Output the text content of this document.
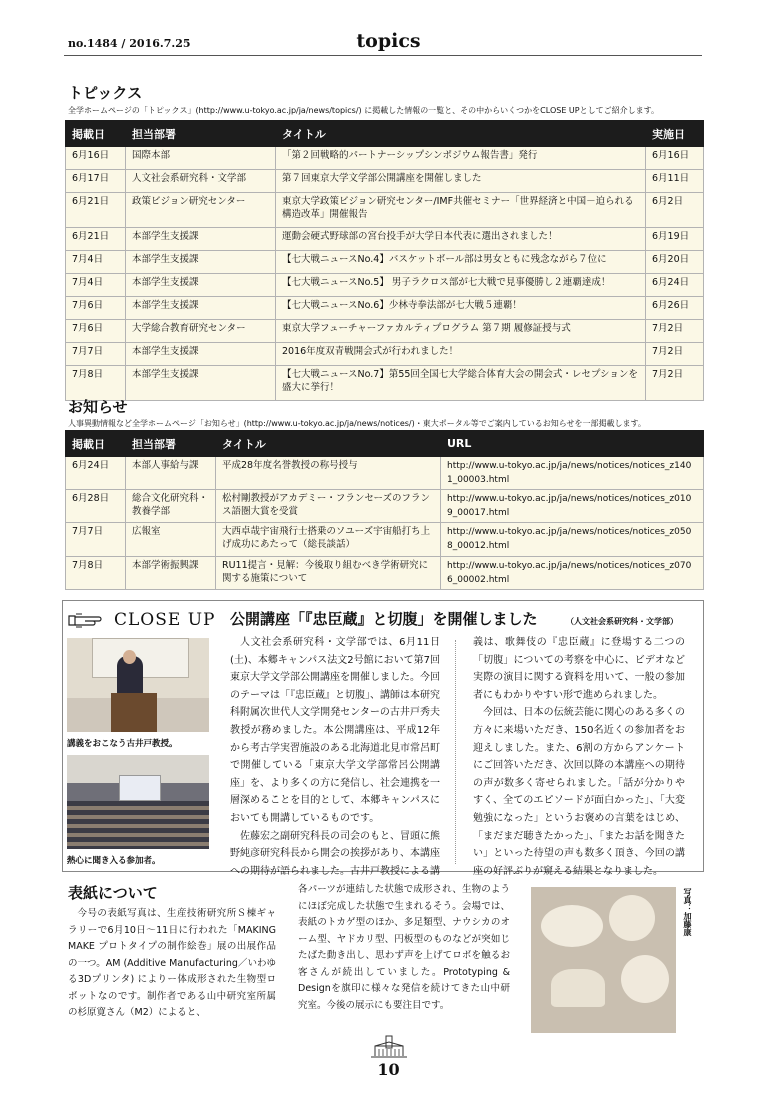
no.1484 / 2016.7.25	topics
トピックス
全学ホームページの「トピックス」(http://www.u-tokyo.ac.jp/ja/news/topics/) に掲載した情報の一覧と、その中からいくつかをCLOSE UPとしてご紹介します。
掲載日	担当部署	タイトル	実施日
6月16日	国際本部	「第２回戦略的パートナーシップシンポジウム報告書」発行	6月16日
6月17日	人文社会系研究科・文学部	第７回東京大学文学部公開講座を開催しました	6月11日
6月21日	政策ビジョン研究センター	東京大学政策ビジョン研究センター/IMF共催セミナー「世界経済と中国－迫られる構造改革」開催報告	6月2日
6月21日	本部学生支援課	運動会硬式野球部の宮台投手が大学日本代表に選出されました！	6月19日
7月4日	本部学生支援課	【七大戦ニュースNo.4】バスケットボール部は男女ともに残念ながら７位に	6月20日
7月4日	本部学生支援課	【七大戦ニュースNo.5】 男子ラクロス部が七大戦で見事優勝し２連覇達成！	6月24日
7月6日	本部学生支援課	【七大戦ニュースNo.6】少林寺拳法部が七大戦５連覇！	6月26日
7月6日	大学総合教育研究センター	東京大学フューチャーファカルティプログラム 第７期 履修証授与式	7月2日
7月7日	本部学生支援課	2016年度双青戦開会式が行われました！	7月2日
7月8日	本部学生支援課	【七大戦ニュースNo.7】第55回全国七大学総合体育大会の開会式・レセプションを盛大に挙行！	7月2日
お知らせ
人事異動情報など全学ホームページ「お知らせ」(http://www.u-tokyo.ac.jp/ja/news/notices/)・東大ポータル等でご案内しているお知らせを一部掲載します。
掲載日	担当部署	タイトル	URL
6月24日	本部人事給与課	平成28年度名誉教授の称号授与	http://www.u-tokyo.ac.jp/ja/news/notices/notices_z1401_00003.html
6月28日	総合文化研究科・教養学部	松村剛教授がアカデミー・フランセーズのフランス語圏大賞を受賞	http://www.u-tokyo.ac.jp/ja/news/notices/notices_z0109_00017.html
7月7日	広報室	大西卓哉宇宙飛行士搭乗のソユーズ宇宙船打ち上げ成功にあたって（総長談話）	http://www.u-tokyo.ac.jp/ja/news/notices/notices_z0508_00012.html
7月8日	本部学術振興課	RU11提言・見解：今後取り組むべき学術研究に関する施策について	http://www.u-tokyo.ac.jp/ja/news/notices/notices_z0706_00002.html
CLOSE UP 公開講座「『忠臣蔵』と切腹」を開催しました	（人文社会系研究科・文学部）
講義をおこなう古井戸教授。
熱心に聞き入る参加者。

人文社会系研究科・文学部では、6月11日(土)、本郷キャンパス法文2号館において第7回東京大学文学部公開講座を開催しました。今回のテーマは「『忠臣蔵』と切腹」、講師は本研究科附属次世代人文学開発センターの古井戸秀夫教授が務めました。本公開講座は、平成12年から考古学実習施設のある北海道北見市常呂町で開催している「東京大学文学部常呂公開講座」を、より多くの方に発信し、社会連携を一層深めることを目的として、本郷キャンパスにおいても開講しているものです。

佐藤宏之副研究科長の司会のもと、冒頭に熊野純彦研究科長から開会の挨拶があり、本講座への期待が語られました。古井戸教授による講

義は、歌舞伎の『忠臣蔵』に登場する二つの「切腹」についての考察を中心に、ビデオなど実際の演目に関する資料を用いて、一般の参加者にもわかりやすい形で進められました。

今回は、日本の伝統芸能に関心のある多くの方々に来場いただき、150名近くの参加者をお迎えしました。また、6割の方からアンケートにご回答いただき、次回以降の本講座への期待の声が数多く寄せられました。「話が分かりやすく、全てのエピソードが面白かった」、「大変勉強になった」というお褒めの言葉をはじめ、「まだまだ聴きたかった」、「またお話を聞きたい」といった待望の声も数多く頂き、今回の講座の好評ぶりが窺える結果となりました。

表紙について

今号の表紙写真は、生産技術研究所Ｓ棟ギャラリーで6月10日〜11日に行われた「MAKING MAKE プロトタイプの制作絵巻」展の出展作品の一つ。AM (Additive Manufacturing／いわゆる3Dプリンタ) によりー体成形された生物型ロボットなのです。制作者である山中研究室所属の杉原寛さん（M2）によると、

各パーツが連結した状態で成形され、生物のようにほぼ完成した状態で生まれるそう。会場では、表紙のトカゲ型のほか、多足類型、ナウシカのオーム型、ヤドカリ型、円板型のものなどが突如じたばた動き出し、思わず声を上げてロボを触るお客さんが続出していました。Prototyping & Designを旗印に様々な発信を続けてきた山中研究室。今後の展示にも要注目です。

写真：加藤康
10
